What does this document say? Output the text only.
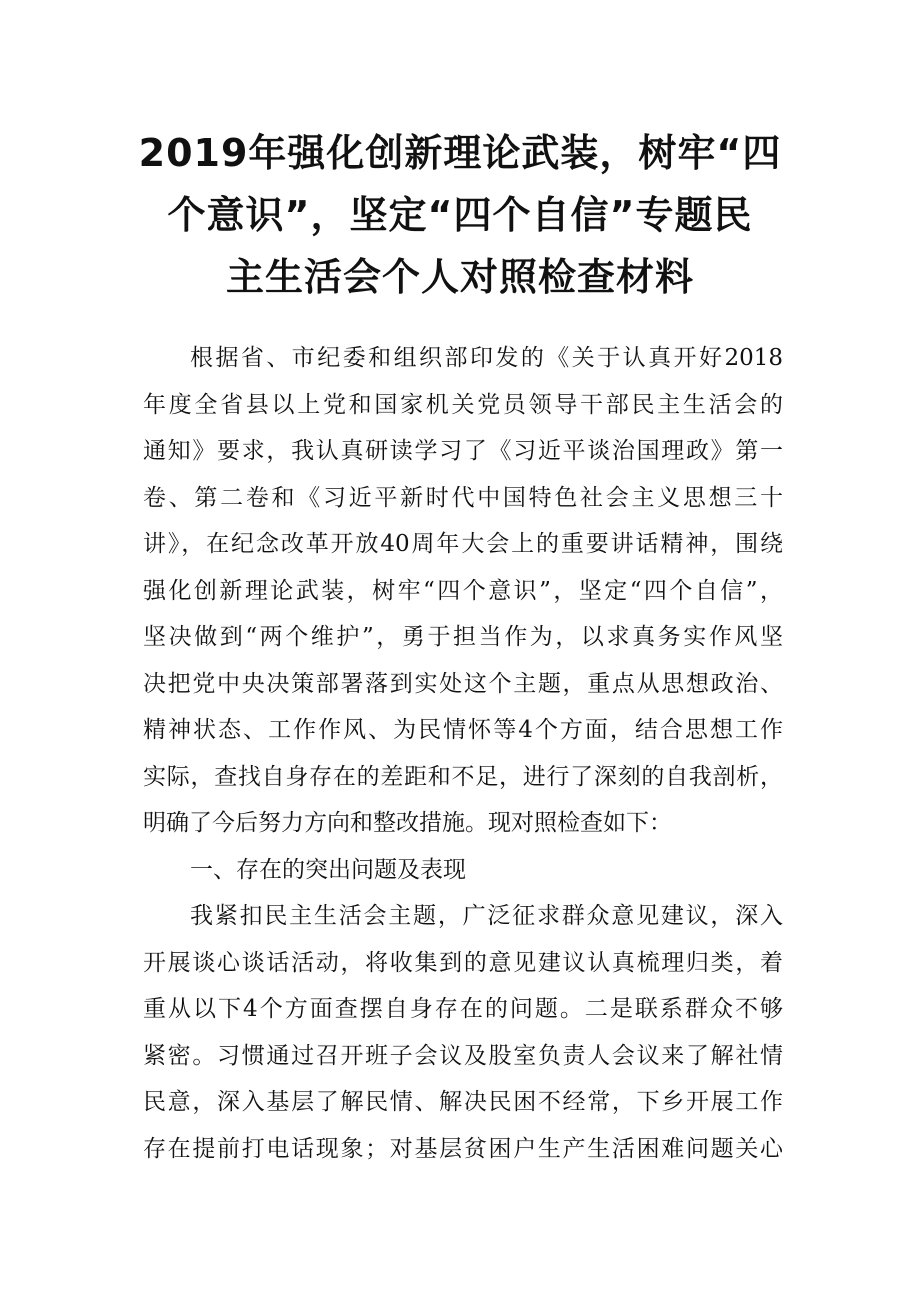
2019年强化创新理论武装，树牢“四
个意识”，坚定“四个自信”专题民
主生活会个人对照检查材料
根据省、市纪委和组织部印发的《关于认真开好2018
年度全省县以上党和国家机关党员领导干部民主生活会的
通知》要求，我认真研读学习了《习近平谈治国理政》第一
卷、第二卷和《习近平新时代中国特色社会主义思想三十
讲》，在纪念改革开放40周年大会上的重要讲话精神，围绕
强化创新理论武装，树牢“四个意识”，坚定“四个自信”，
坚决做到“两个维护”，勇于担当作为，以求真务实作风坚
决把党中央决策部署落到实处这个主题，重点从思想政治、
精神状态、工作作风、为民情怀等4个方面，结合思想工作
实际，查找自身存在的差距和不足，进行了深刻的自我剖析，
明确了今后努力方向和整改措施。现对照检查如下：
一、存在的突出问题及表现
我紧扣民主生活会主题，广泛征求群众意见建议，深入
开展谈心谈话活动，将收集到的意见建议认真梳理归类，着
重从以下4个方面查摆自身存在的问题。二是联系群众不够
紧密。习惯通过召开班子会议及股室负责人会议来了解社情
民意，深入基层了解民情、解决民困不经常，下乡开展工作
存在提前打电话现象；对基层贫困户生产生活困难问题关心
